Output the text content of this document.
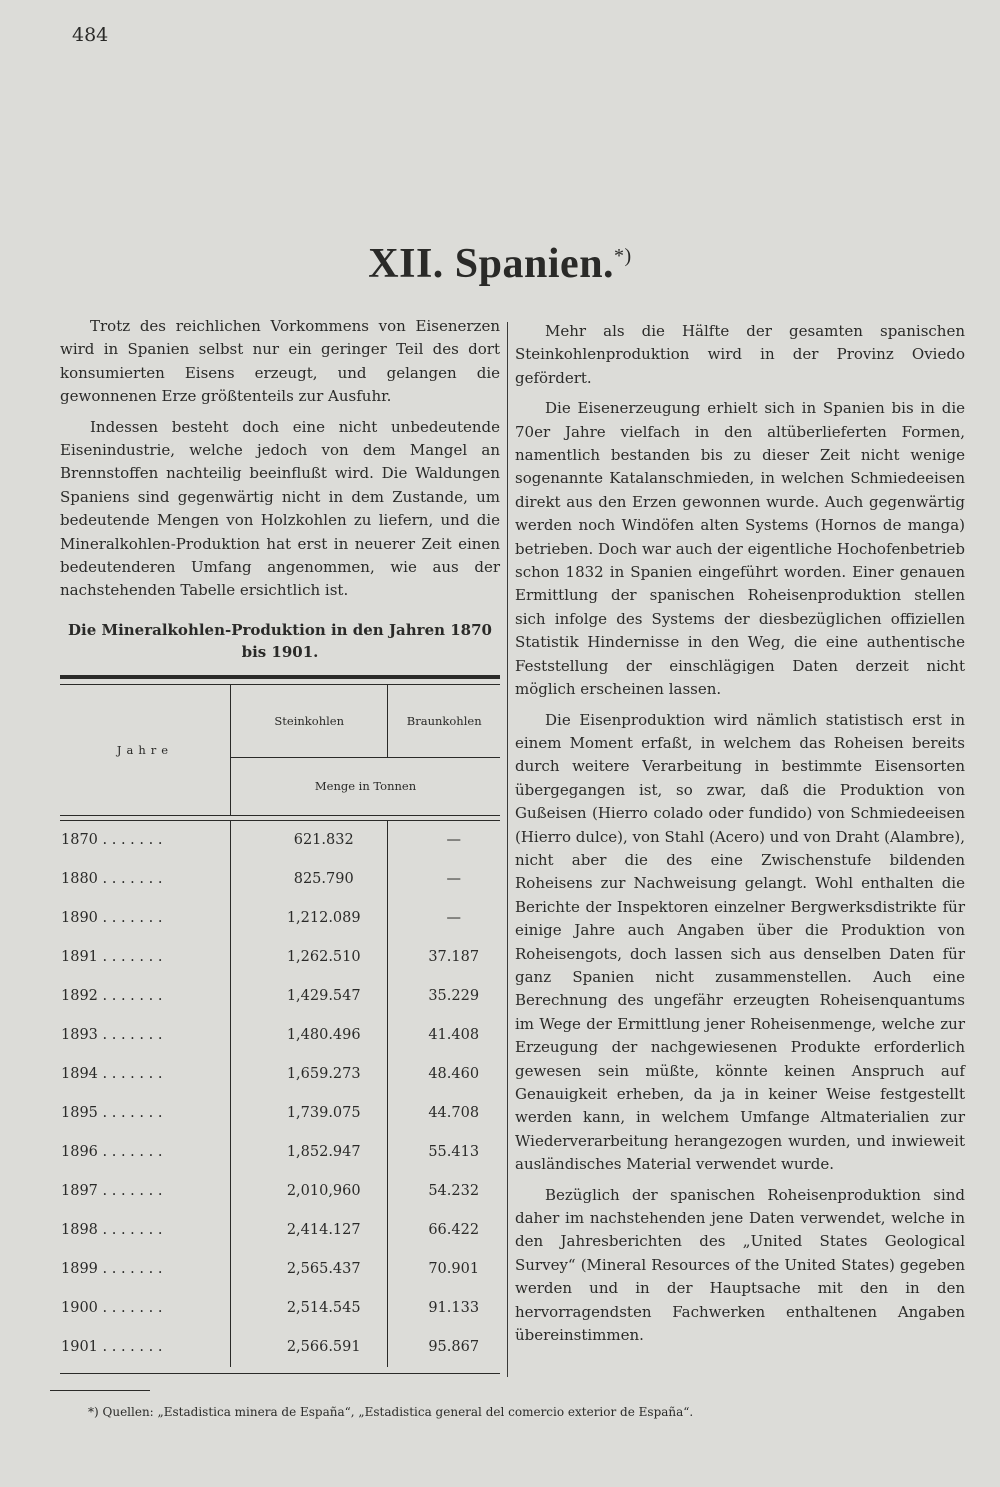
484
XII. Spanien.*)

Trotz des reichlichen Vorkommens von Eisenerzen wird in Spanien selbst nur ein geringer Teil des dort konsumierten Eisens erzeugt, und gelangen die gewonnenen Erze größtenteils zur Ausfuhr.

Indessen besteht doch eine nicht unbedeutende Eisenindustrie, welche jedoch von dem Mangel an Brennstoffen nachteilig beeinflußt wird. Die Waldungen Spaniens sind gegenwärtig nicht in dem Zustande, um bedeutende Mengen von Holzkohlen zu liefern, und die Mineralkohlen-Produktion hat erst in neuerer Zeit einen bedeutenderen Umfang angenommen, wie aus der nachstehenden Tabelle ersichtlich ist.

Die Mineralkohlen-Produktion in den Jahren 1870 bis 1901.

Jahre	Steinkohlen	Braunkohlen
	Menge in Tonnen	

1870 . . . . . . .	621.832	—
1880 . . . . . . .	825.790	—
1890 . . . . . . .	1,212.089	—
1891 . . . . . . .	1,262.510	37.187
1892 . . . . . . .	1,429.547	35.229
1893 . . . . . . .	1,480.496	41.408
1894 . . . . . . .	1,659.273	48.460
1895 . . . . . . .	1,739.075	44.708
1896 . . . . . . .	1,852.947	55.413
1897 . . . . . . .	2,010,960	54.232
1898 . . . . . . .	2,414.127	66.422
1899 . . . . . . .	2,565.437	70.901
1900 . . . . . . .	2,514.545	91.133
1901 . . . . . . .	2,566.591	95.867

Mehr als die Hälfte der gesamten spanischen Steinkohlenproduktion wird in der Provinz Oviedo gefördert.

Die Eisenerzeugung erhielt sich in Spanien bis in die 70er Jahre vielfach in den altüberlieferten Formen, namentlich bestanden bis zu dieser Zeit nicht wenige sogenannte Katalanschmieden, in welchen Schmiedeeisen direkt aus den Erzen gewonnen wurde. Auch gegenwärtig werden noch Windöfen alten Systems (Hornos de manga) betrieben. Doch war auch der eigentliche Hochofenbetrieb schon 1832 in Spanien eingeführt worden. Einer genauen Ermittlung der spanischen Roheisenproduktion stellen sich infolge des Systems der diesbezüglichen offiziellen Statistik Hindernisse in den Weg, die eine authentische Feststellung der einschlägigen Daten derzeit nicht möglich erscheinen lassen.

Die Eisenproduktion wird nämlich statistisch erst in einem Moment erfaßt, in welchem das Roheisen bereits durch weitere Verarbeitung in bestimmte Eisensorten übergegangen ist, so zwar, daß die Produktion von Gußeisen (Hierro colado oder fundido) von Schmiedeeisen (Hierro dulce), von Stahl (Acero) und von Draht (Alambre), nicht aber die des eine Zwischenstufe bildenden Roheisens zur Nachweisung gelangt. Wohl enthalten die Berichte der Inspektoren einzelner Bergwerksdistrikte für einige Jahre auch Angaben über die Produktion von Roheisengots, doch lassen sich aus denselben Daten für ganz Spanien nicht zusammenstellen. Auch eine Berechnung des ungefähr erzeugten Roheisenquantums im Wege der Ermittlung jener Roheisenmenge, welche zur Erzeugung der nachgewiesenen Produkte erforderlich gewesen sein müßte, könnte keinen Anspruch auf Genauigkeit erheben, da ja in keiner Weise festgestellt werden kann, in welchem Umfange Altmaterialien zur Wiederverarbeitung herangezogen wurden, und inwieweit ausländisches Material verwendet wurde.

Bezüglich der spanischen Roheisenproduktion sind daher im nachstehenden jene Daten verwendet, welche in den Jahresberichten des „United States Geological Survey“ (Mineral Resources of the United States) gegeben werden und in der Hauptsache mit den in den hervorragendsten Fachwerken enthaltenen Angaben übereinstimmen.

*) Quellen: „Estadistica minera de España“, „Estadistica general del comercio exterior de España“.
